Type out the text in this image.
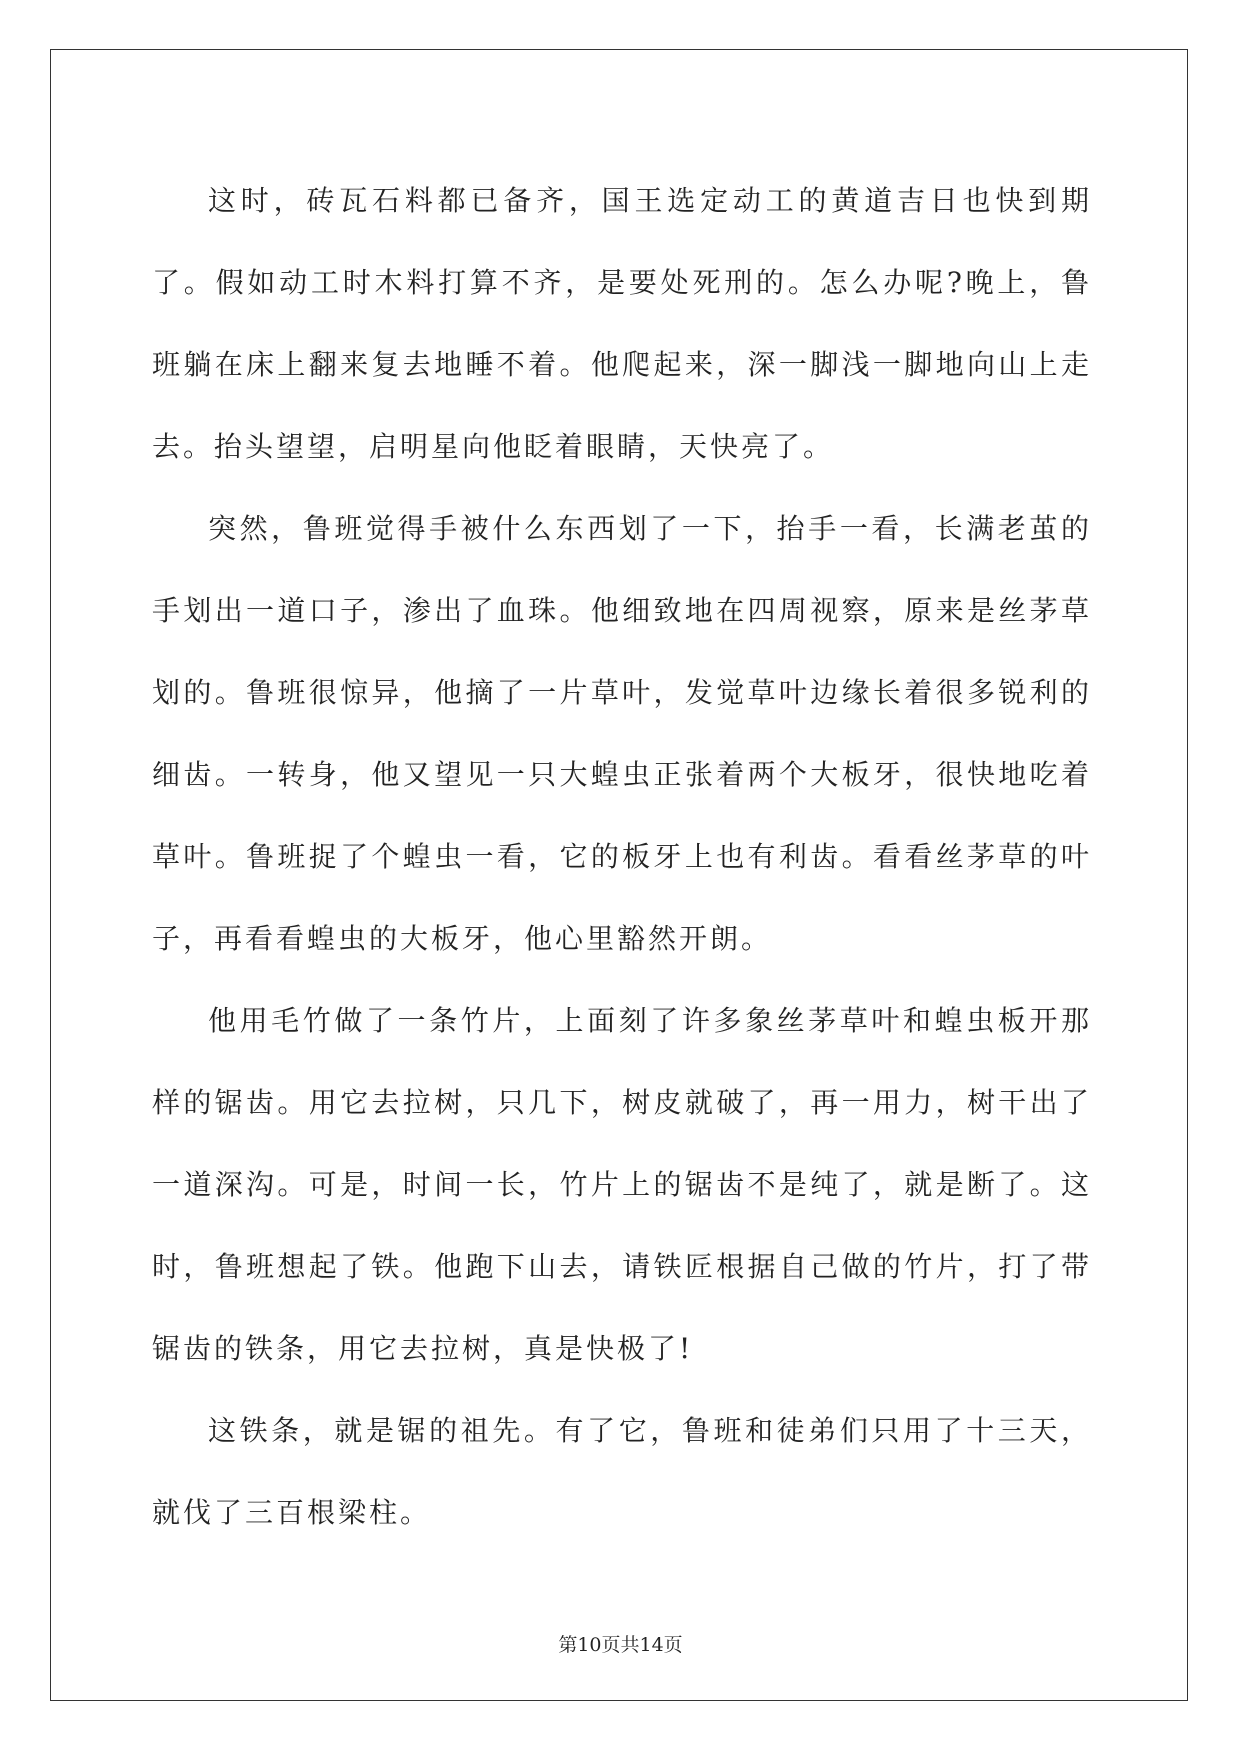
这时，砖瓦石料都已备齐，国王选定动工的黄道吉日也快到期了。假如动工时木料打算不齐，是要处死刑的。怎么办呢?晚上，鲁班躺在床上翻来复去地睡不着。他爬起来，深一脚浅一脚地向山上走去。抬头望望，启明星向他眨着眼睛，天快亮了。

突然，鲁班觉得手被什么东西划了一下，抬手一看，长满老茧的手划出一道口子，渗出了血珠。他细致地在四周视察，原来是丝茅草划的。鲁班很惊异，他摘了一片草叶，发觉草叶边缘长着很多锐利的细齿。一转身，他又望见一只大蝗虫正张着两个大板牙，很快地吃着草叶。鲁班捉了个蝗虫一看，它的板牙上也有利齿。看看丝茅草的叶子，再看看蝗虫的大板牙，他心里豁然开朗。

他用毛竹做了一条竹片，上面刻了许多象丝茅草叶和蝗虫板开那样的锯齿。用它去拉树，只几下，树皮就破了，再一用力，树干出了一道深沟。可是，时间一长，竹片上的锯齿不是纯了，就是断了。这时，鲁班想起了铁。他跑下山去，请铁匠根据自己做的竹片，打了带锯齿的铁条，用它去拉树，真是快极了!

这铁条，就是锯的祖先。有了它，鲁班和徒弟们只用了十三天，就伐了三百根梁柱。

第10页共14页
